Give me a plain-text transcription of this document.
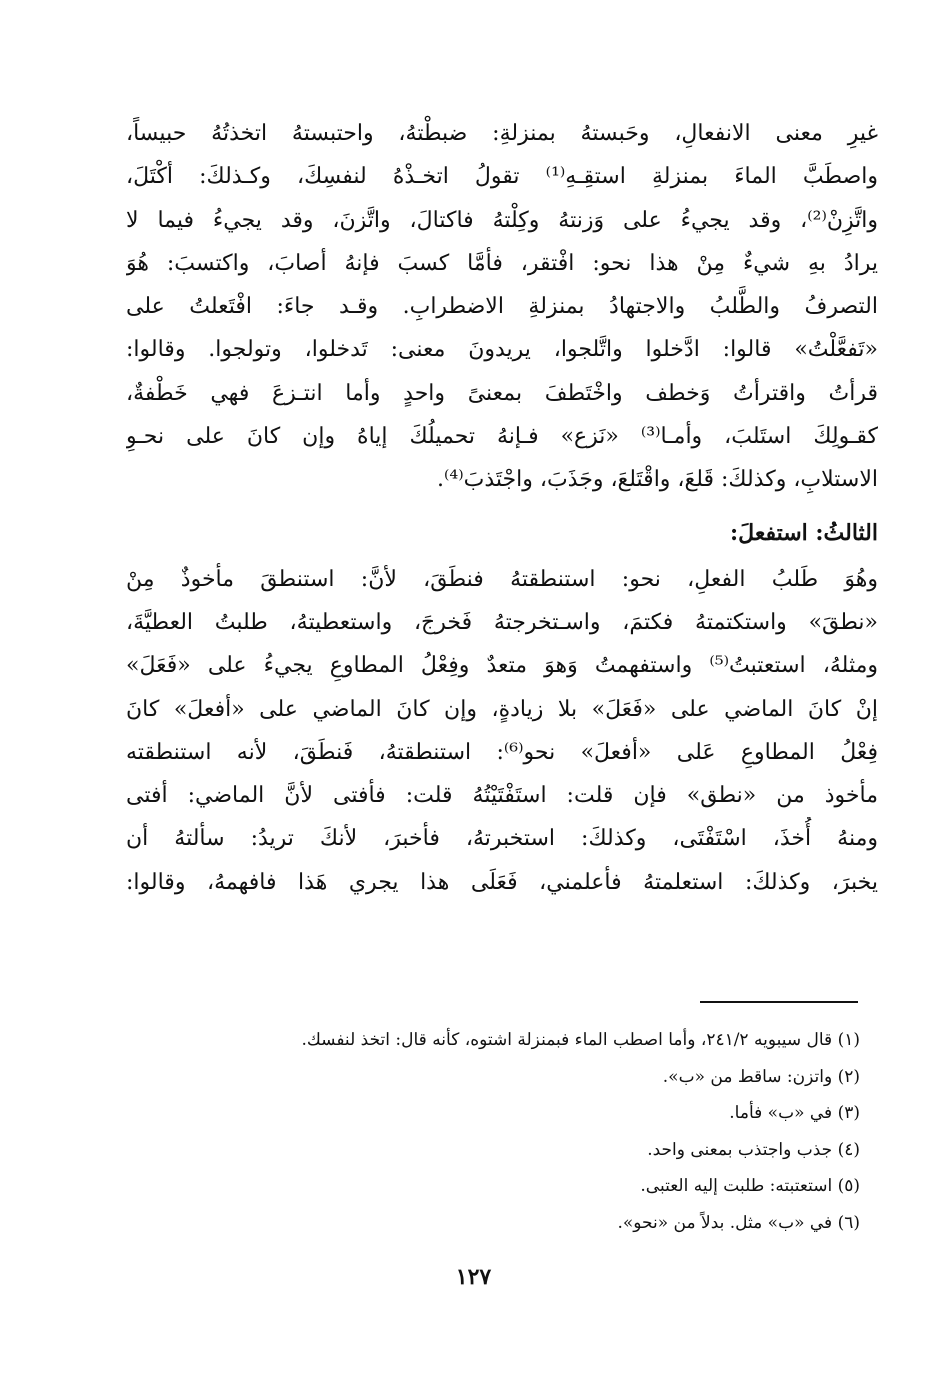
غيرِ معنى الانفعالِ، وحَبستهُ بمنزلةِ: ضبطْتهُ، واحتبستهُ اتخذتُهُ حبيساً،
واصطَبَّ الماءَ بمنزلةِ استقِـهِ⁽¹⁾ تقولُ اتخـذْهُ لنفسِكَ، وكـذلكَ: أكْتَلَ،
واتَّزِنْ⁽²⁾، وقد يجيءُ على وَزنتهُ وكِلْتهُ فاكتالَ، واتَّزنَ، وقد يجيءُ فيما لا
يرادُ بهِ شيءٌ مِنْ هذا نحو: افْتقر، فأمَّا كسبَ فإنهُ أصابَ، واكتسبَ: هُوَ
التصرفُ والطَّلبُ والاجتهادُ بمنزلةِ الاضطرابِ. وقـد جاءَ: افْتَعلتُ على
«تَفعَّلْتُ» قالوا: ادَّخلوا واتَّلجوا، يريدونَ معنى: تَدخلوا، وتولجوا. وقالوا:
قرأتُ واقترأتُ وَخطف واخْتَطفَ بمعنىً واحدٍ وأما انتـزعَ فهي خَطْفةٌ،
كقـولِكَ استَلبَ، وأمـا⁽³⁾ «نَزع» فـإنهُ تحميلُكَ إياهُ وإن كانَ على نحـوِ
الاستلابِ، وكذلكَ: قَلعَ، واقْتَلعَ، وجَذَبَ، واجْتَذبَ⁽⁴⁾.
الثالثُ: استفعلَ:
وهُوَ طَلبُ الفعلِ، نحو: استنطقتهُ فنطَقَ، لأنَّ: استنطقَ مأخوذٌ مِنْ
«نطقَ» واستكتمتهُ فكتمَ، واسـتخرجتهُ فَخرجَ، واستعطيتهُ، طلبتُ العطيَّةَ،
ومثلهُ، استعتبتُ⁽⁵⁾ واستفهمتُ وَهوَ متعدٌ وفِعْلُ المطاوعِ يجيءُ على «فَعَلَ»
إنْ كانَ الماضي على «فَعَلَ» بلا زيادةٍ، وإن كانَ الماضي على «أفعلَ» كانَ
فِعْلُ المطاوعِ عَلى «أفعلَ» نحو⁽⁶⁾: استنطقتهُ، فَنطَقَ، لأنه استنطقته
مأخوذ من «نطق» فإن قلت: استَفْتَيْتُهُ قلت: فأفتى لأنَّ الماضي: أفتى
ومنهُ أُخذَ، اسْتَفْتَى، وكذلكَ: استخبرتهُ، فأخبرَ، لأنكَ تريدُ: سألتهُ أن
يخبرَ، وكذلكَ: استعلمتهُ فأعلمني، فَعَلَى هذا يجري هَذا فافهمهُ، وقالوا:
(١) قال سيبويه ٢٤١/٢، وأما اصطب الماء فبمنزلة اشتوه، كأنه قال: اتخذ لنفسك.
(٢) واتزن: ساقط من «ب».
(٣) في «ب» فأما.
(٤) جذب واجتذب بمعنى واحد.
(٥) استعتبته: طلبت إليه العتبى.
(٦) في «ب» مثل. بدلاً من «نحو».
١٢٧
